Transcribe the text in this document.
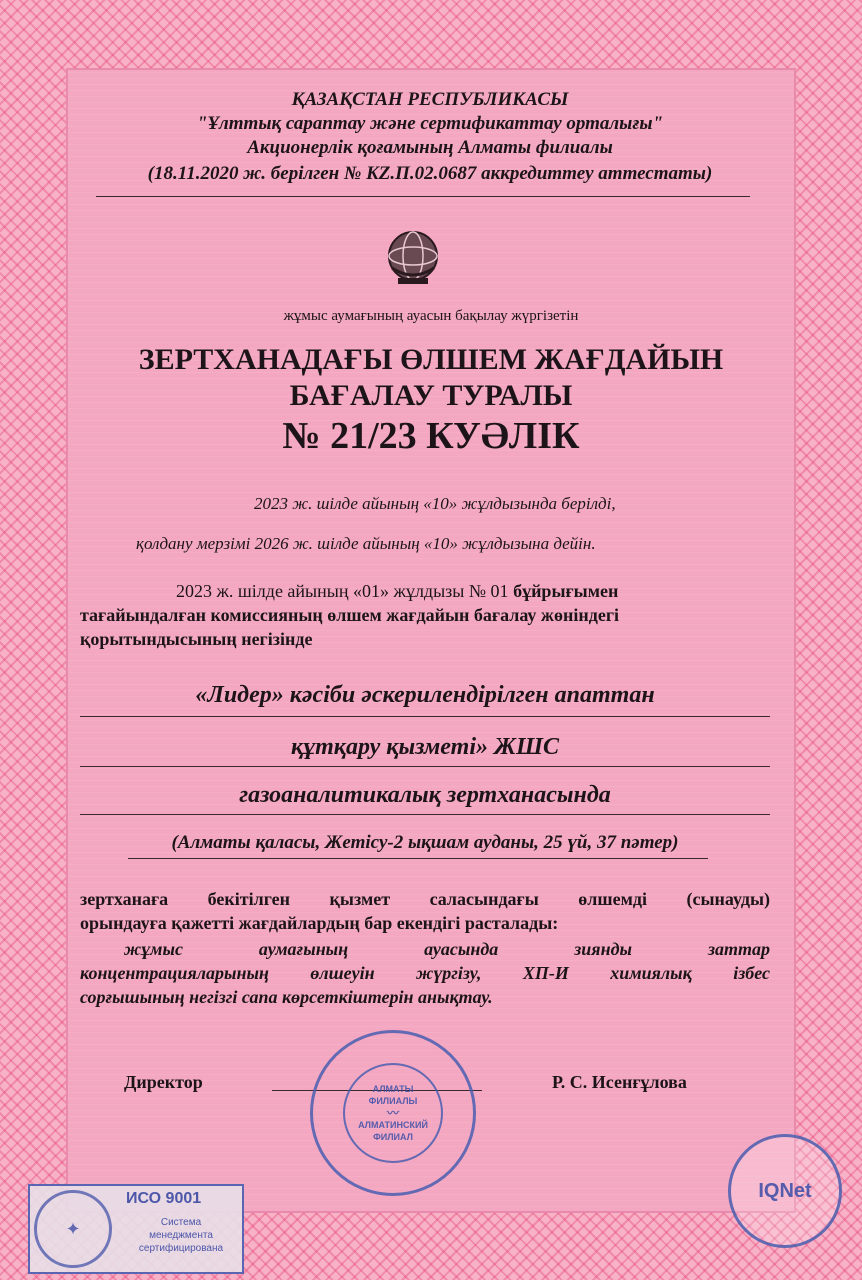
ҚАЗАҚСТАН РЕСПУБЛИКАСЫ
"Ұлттық сараптау және сертификаттау орталығы"
Акционерлік қоғамының Алматы филиалы
(18.11.2020 ж. берілген № KZ.П.02.0687 аккредиттеу аттестаты)
жұмыс аумағының ауасын бақылау жүргізетін
ЗЕРТХАНАДАҒЫ ӨЛШЕМ ЖАҒДАЙЫН
БАҒАЛАУ ТУРАЛЫ
№ 21/23 КУӘЛІК
2023 ж. шілде айының «10» жұлдызында берілді,
қолдану мерзімі 2026 ж. шілде айының «10» жұлдызына дейін.
2023 ж. шілде айының «01» жұлдызы № 01 бұйрығымен
тағайындалған комиссияның өлшем жағдайын бағалау жөніндегі
қорытындысының негізінде
«Лидер» кәсіби әскерилендірілген апаттан
құтқару қызметі» ЖШС
газоаналитикалық зертханасында
(Алматы қаласы, Жетісу-2 ықшам ауданы, 25 үй, 37 пәтер)
зертханаға бекітілген қызмет саласындағы өлшемді (сынауды)
орындауға қажетті жағдайлардың бар екендігі расталады:
жұмыс аумағының ауасында зиянды заттар
концентрацияларының өлшеуін жүргізу, ХП-И химиялық ізбес
сорғышының негізгі сапа көрсеткіштерін анықтау.
Директор	Р. С. Исенғұлова
АЛМАТЫ
ФИЛИАЛЫ
〰
АЛМАТИНСКИЙ
ФИЛИАЛ
✦
ИСО 9001
Система
менеджмента
сертифицирована
IQNet
